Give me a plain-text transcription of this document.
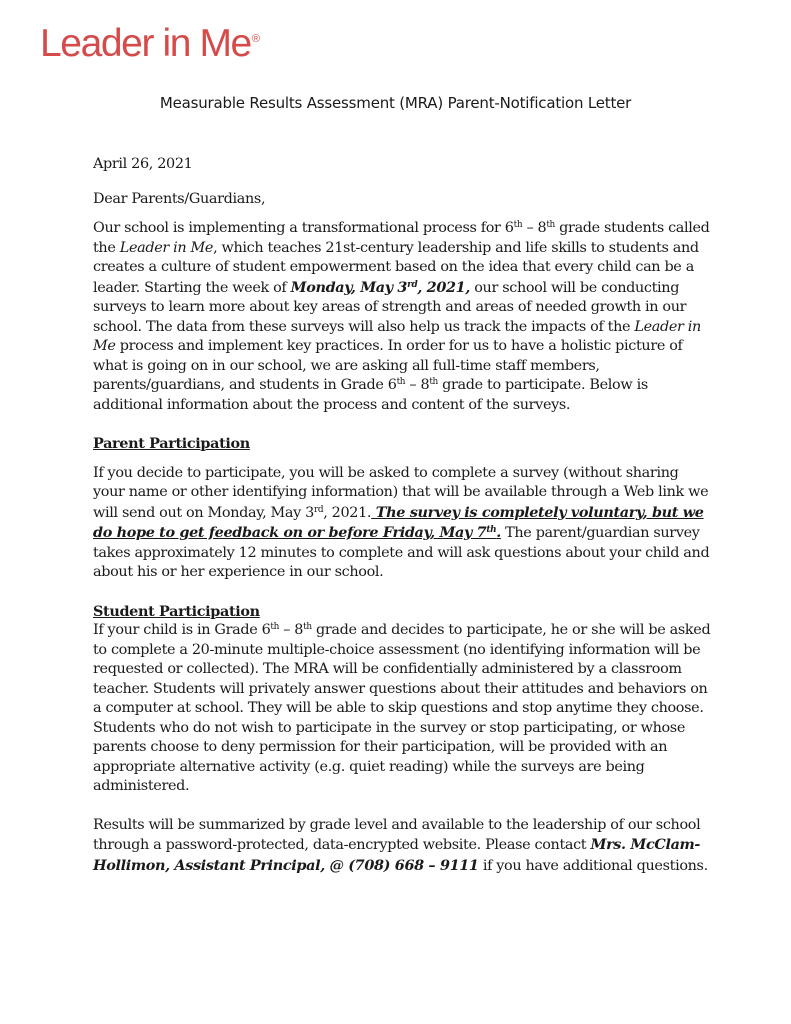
Leader in Me®
Measurable Results Assessment (MRA) Parent-Notification Letter

April 26, 2021

Dear Parents/Guardians,

Our school is implementing a transformational process for 6th – 8th grade students called the Leader in Me, which teaches 21st-century leadership and life skills to students and creates a culture of student empowerment based on the idea that every child can be a leader. Starting the week of Monday, May 3rd, 2021, our school will be conducting surveys to learn more about key areas of strength and areas of needed growth in our school. The data from these surveys will also help us track the impacts of the Leader in Me process and implement key practices. In order for us to have a holistic picture of what is going on in our school, we are asking all full-time staff members, parents/guardians, and students in Grade 6th – 8th grade to participate. Below is additional information about the process and content of the surveys.

Parent Participation

If you decide to participate, you will be asked to complete a survey (without sharing your name or other identifying information) that will be available through a Web link we will send out on Monday, May 3rd, 2021. The survey is completely voluntary, but we do hope to get feedback on or before Friday, May 7th. The parent/guardian survey takes approximately 12 minutes to complete and will ask questions about your child and about his or her experience in our school.

Student Participation

If your child is in Grade 6th – 8th grade and decides to participate, he or she will be asked to complete a 20-minute multiple-choice assessment (no identifying information will be requested or collected). The MRA will be confidentially administered by a classroom teacher. Students will privately answer questions about their attitudes and behaviors on a computer at school. They will be able to skip questions and stop anytime they choose. Students who do not wish to participate in the survey or stop participating, or whose parents choose to deny permission for their participation, will be provided with an appropriate alternative activity (e.g. quiet reading) while the surveys are being administered.

Results will be summarized by grade level and available to the leadership of our school through a password-protected, data-encrypted website. Please contact Mrs. McClam-Hollimon, Assistant Principal, @ (708) 668 – 9111 if you have additional questions.
